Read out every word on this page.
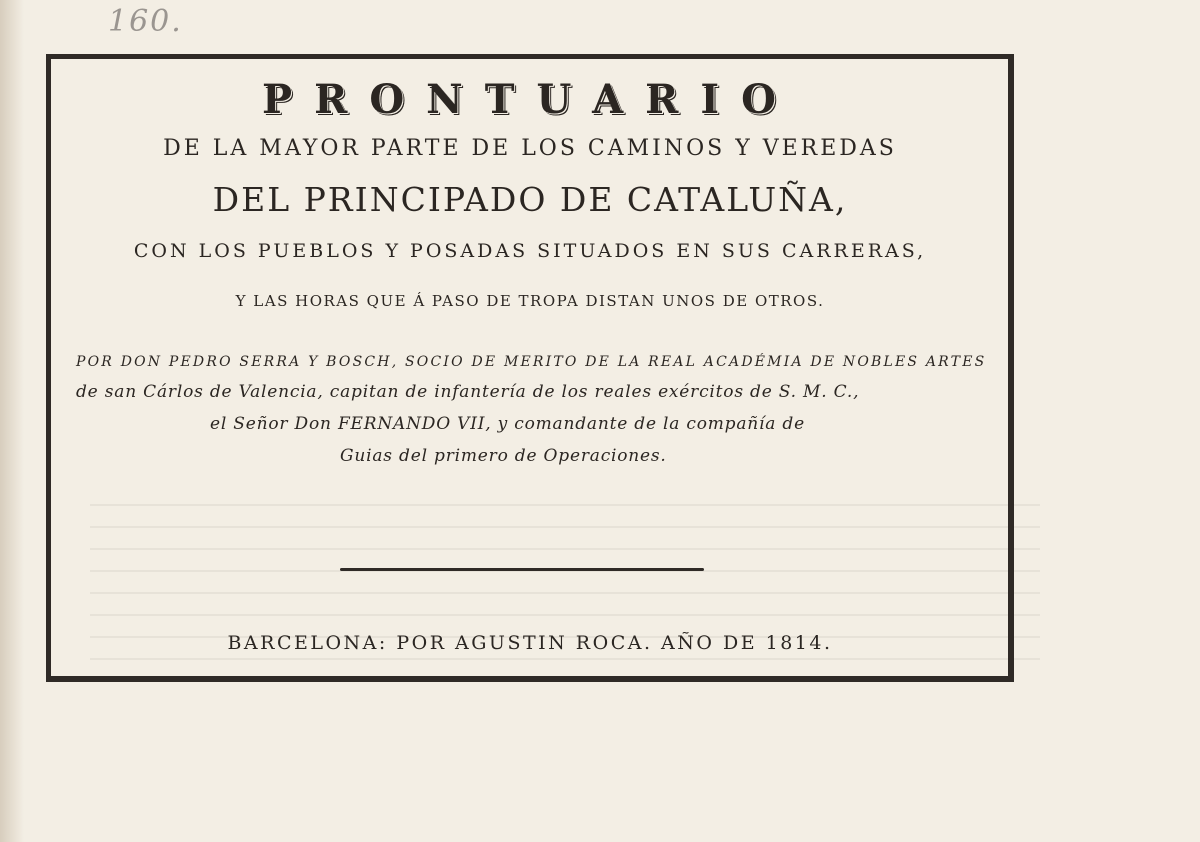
160.
PRONTUARIO
DE LA MAYOR PARTE DE LOS CAMINOS Y VEREDAS
DEL PRINCIPADO DE CATALUÑA,
CON LOS PUEBLOS Y POSADAS SITUADOS EN SUS CARRERAS,
Y LAS HORAS QUE Á PASO DE TROPA DISTAN UNOS DE OTROS.
POR DON PEDRO SERRA Y BOSCH, SOCIO DE MERITO DE LA REAL ACADÉMIA DE NOBLES ARTES
de san Cárlos de Valencia, capitan de infantería de los reales exércitos de S. M. C.,
el Señor Don FERNANDO VII, y comandante de la compañía de
Guias del primero de Operaciones.
BARCELONA: POR AGUSTIN ROCA. AÑO DE 1814.
